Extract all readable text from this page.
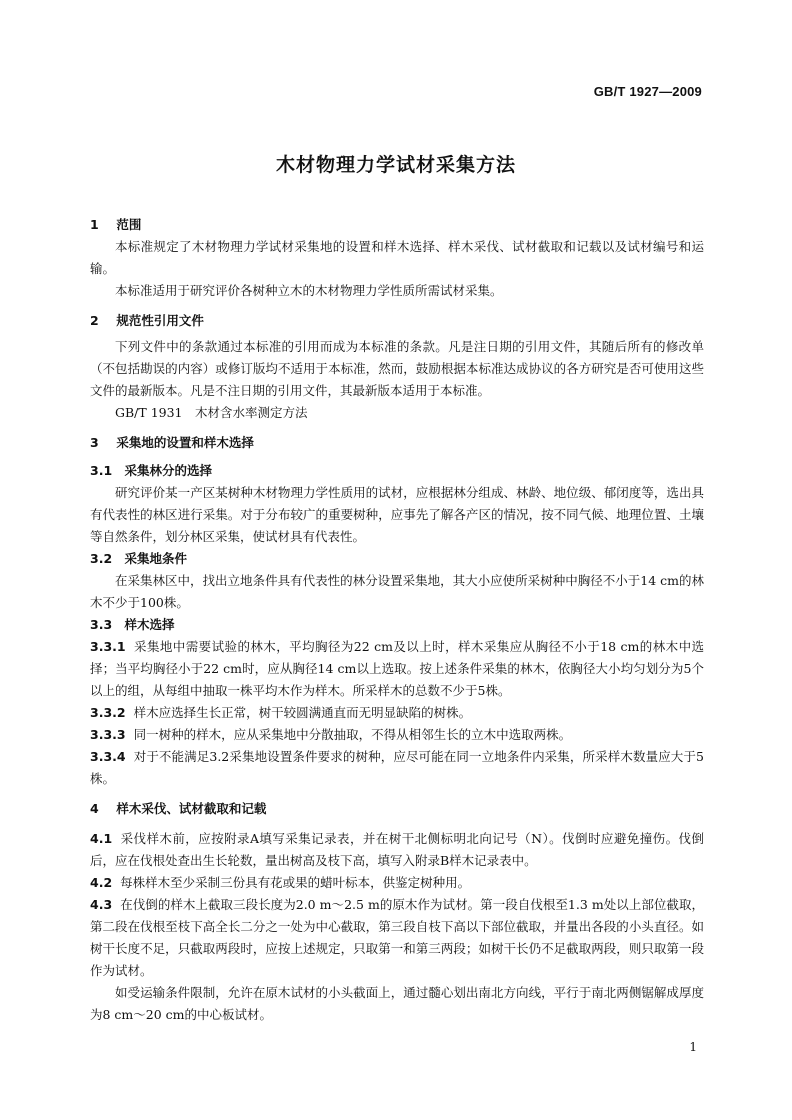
GB/T 1927—2009
木材物理力学试材采集方法
1 范围

本标准规定了木材物理力学试材采集地的设置和样木选择、样木采伐、试材截取和记载以及试材编号和运输。

本标准适用于研究评价各树种立木的木材物理力学性质所需试材采集。

2 规范性引用文件

下列文件中的条款通过本标准的引用而成为本标准的条款。凡是注日期的引用文件，其随后所有的修改单（不包括勘误的内容）或修订版均不适用于本标准，然而，鼓励根据本标准达成协议的各方研究是否可使用这些文件的最新版本。凡是不注日期的引用文件，其最新版本适用于本标准。

GB/T 1931　木材含水率测定方法

3 采集地的设置和样木选择
3.1 采集林分的选择

研究评价某一产区某树种木材物理力学性质用的试材，应根据林分组成、林龄、地位级、郁闭度等，选出具有代表性的林区进行采集。对于分布较广的重要树种，应事先了解各产区的情况，按不同气候、地理位置、土壤等自然条件，划分林区采集，使试材具有代表性。

3.2 采集地条件

在采集林区中，找出立地条件具有代表性的林分设置采集地，其大小应使所采树种中胸径不小于14 cm的林木不少于100株。

3.3 样木选择

3.3.1 采集地中需要试验的林木，平均胸径为22 cm及以上时，样木采集应从胸径不小于18 cm的林木中选择；当平均胸径小于22 cm时，应从胸径14 cm以上选取。按上述条件采集的林木，依胸径大小均匀划分为5个以上的组，从每组中抽取一株平均木作为样木。所采样木的总数不少于5株。

3.3.2 样木应选择生长正常，树干较圆满通直而无明显缺陷的树株。

3.3.3 同一树种的样木，应从采集地中分散抽取，不得从相邻生长的立木中选取两株。

3.3.4 对于不能满足3.2采集地设置条件要求的树种，应尽可能在同一立地条件内采集，所采样木数量应大于5株。

4 样木采伐、试材截取和记载

4.1 采伐样木前，应按附录A填写采集记录表，并在树干北侧标明北向记号（N）。伐倒时应避免撞伤。伐倒后，应在伐根处查出生长轮数，量出树高及枝下高，填写入附录B样木记录表中。

4.2 每株样木至少采制三份具有花或果的蜡叶标本，供鉴定树种用。

4.3 在伐倒的样木上截取三段长度为2.0 m～2.5 m的原木作为试材。第一段自伐根至1.3 m处以上部位截取，第二段在伐根至枝下高全长二分之一处为中心截取，第三段自枝下高以下部位截取，并量出各段的小头直径。如树干长度不足，只截取两段时，应按上述规定，只取第一和第三两段；如树干长仍不足截取两段，则只取第一段作为试材。

如受运输条件限制，允许在原木试材的小头截面上，通过髓心划出南北方向线，平行于南北两侧锯解成厚度为8 cm～20 cm的中心板试材。

1
